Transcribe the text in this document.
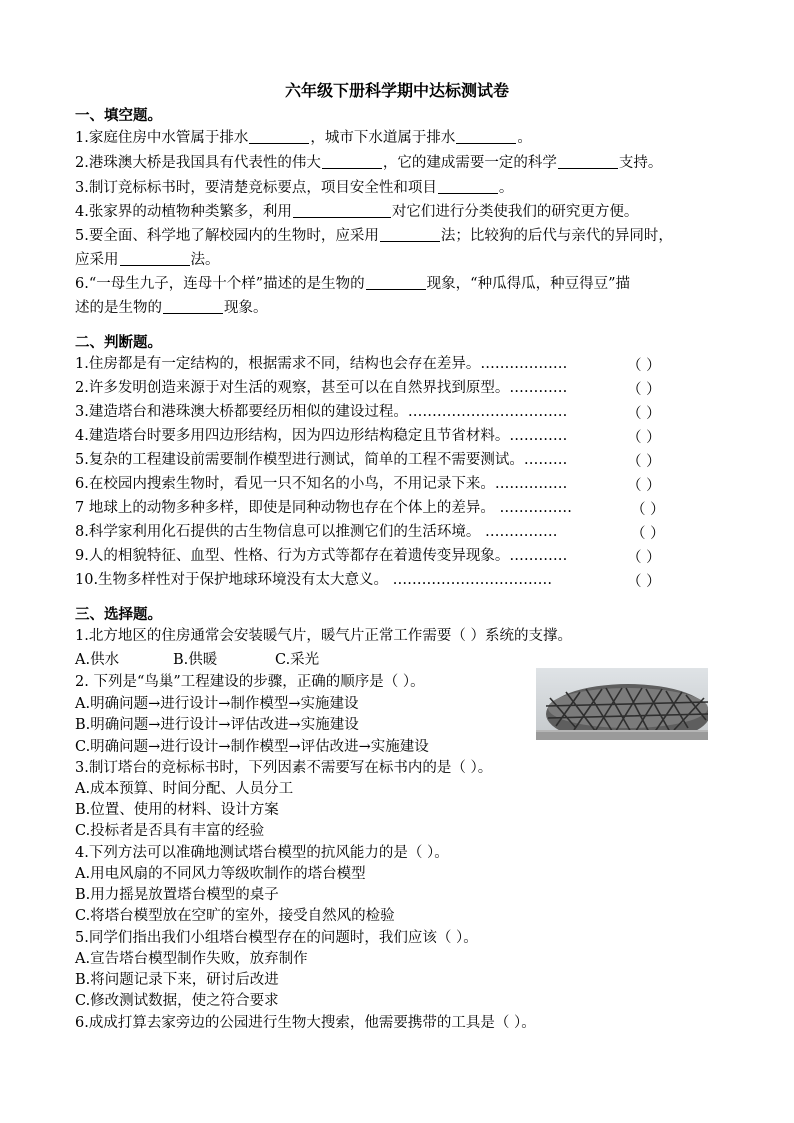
六年级下册科学期中达标测试卷
一、填空题。
1.家庭住房中水管属于排水	，城市下水道属于排水	。
2.港珠澳大桥是我国具有代表性的伟大	，它的建成需要一定的科学	支持。
3.制订竞标标书时，要清楚竞标要点，项目安全性和项目	。
4.张家界的动植物种类繁多，利用	对它们进行分类使我们的研究更方便。
5.要全面、科学地了解校园内的生物时，应采用	法；比较狗的后代与亲代的异同时，
应采用	法。
6.“一母生九子，连母十个样”描述的是生物的	现象，“种瓜得瓜，种豆得豆”描
述的是生物的	现象。
二、判断题。
1.住房都是有一定结构的，根据需求不同，结构也会存在差异。………………	（ ）
2.许多发明创造来源于对生活的观察，甚至可以在自然界找到原型。…………	（ ）
3.建造塔台和港珠澳大桥都要经历相似的建设过程。……………………………	（ ）
4.建造塔台时要多用四边形结构，因为四边形结构稳定且节省材料。…………	（ ）
5.复杂的工程建设前需要制作模型进行测试，简单的工程不需要测试。………	（ ）
6.在校园内搜索生物时，看见一只不知名的小鸟，不用记录下来。……………	（ ）
7 地球上的动物多种多样，即使是同种动物也存在个体上的差异。 ……………	（ ）
8.科学家利用化石提供的古生物信息可以推测它们的生活环境。 ……………	（ ）
9.人的相貌特征、血型、性格、行为方式等都存在着遗传变异现象。…………	（ ）
10.生物多样性对于保护地球环境没有太大意义。 ……………………………	（ ）
三、选择题。
1.北方地区的住房通常会安装暖气片，暖气片正常工作需要（ ）系统的支撑。
A.供水	B.供暖	C.采光
2. 下列是“鸟巢”工程建设的步骤，正确的顺序是（ ）。
A.明确问题→进行设计→制作模型→实施建设
B.明确问题→进行设计→评估改进→实施建设
C.明确问题→进行设计→制作模型→评估改进→实施建设
3.制订塔台的竞标标书时，下列因素不需要写在标书内的是（ ）。
A.成本预算、时间分配、人员分工
B.位置、使用的材料、设计方案
C.投标者是否具有丰富的经验
4.下列方法可以准确地测试塔台模型的抗风能力的是（ ）。
A.用电风扇的不同风力等级吹制作的塔台模型
B.用力摇晃放置塔台模型的桌子
C.将塔台模型放在空旷的室外，接受自然风的检验
5.同学们指出我们小组塔台模型存在的问题时，我们应该（ ）。
A.宣告塔台模型制作失败，放弃制作
B.将问题记录下来，研讨后改进
C.修改测试数据，使之符合要求
6.成成打算去家旁边的公园进行生物大搜索，他需要携带的工具是（ ）。
